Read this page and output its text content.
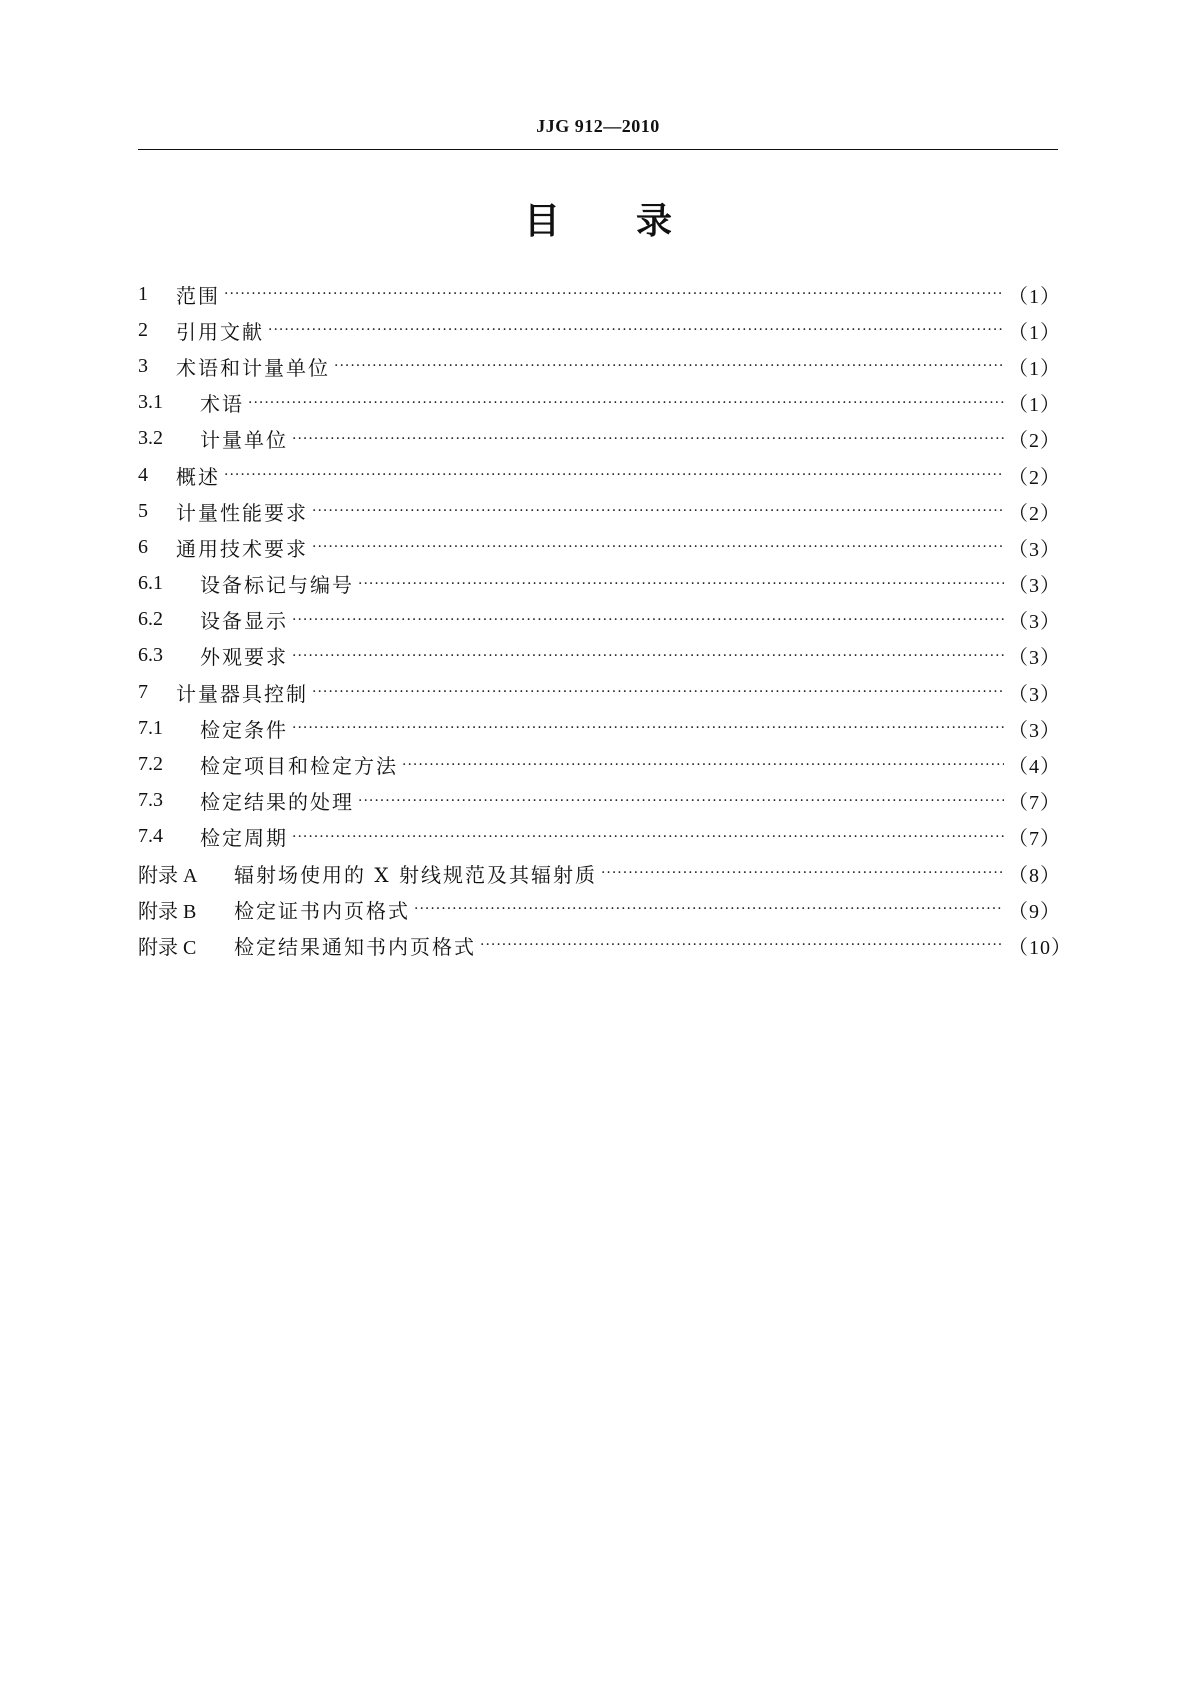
JJG 912—2010
目 录
1	范围 ·····	（1）
2	引用文献 ·····	（1）
3	术语和计量单位 ·····	（1）
3.1	术语 ·····	（1）
3.2	计量单位 ·····	（2）
4	概述 ·····	（2）
5	计量性能要求 ·····	（2）
6	通用技术要求 ·····	（3）
6.1	设备标记与编号 ·····	（3）
6.2	设备显示 ·····	（3）
6.3	外观要求 ·····	（3）
7	计量器具控制 ·····	（3）
7.1	检定条件 ·····	（3）
7.2	检定项目和检定方法 ·····	（4）
7.3	检定结果的处理 ·····	（7）
7.4	检定周期 ·····	（7）
附录 A	辐射场使用的 X 射线规范及其辐射质 ·····	（8）
附录 B	检定证书内页格式 ·····	（9）
附录 C	检定结果通知书内页格式 ·····	（10）
